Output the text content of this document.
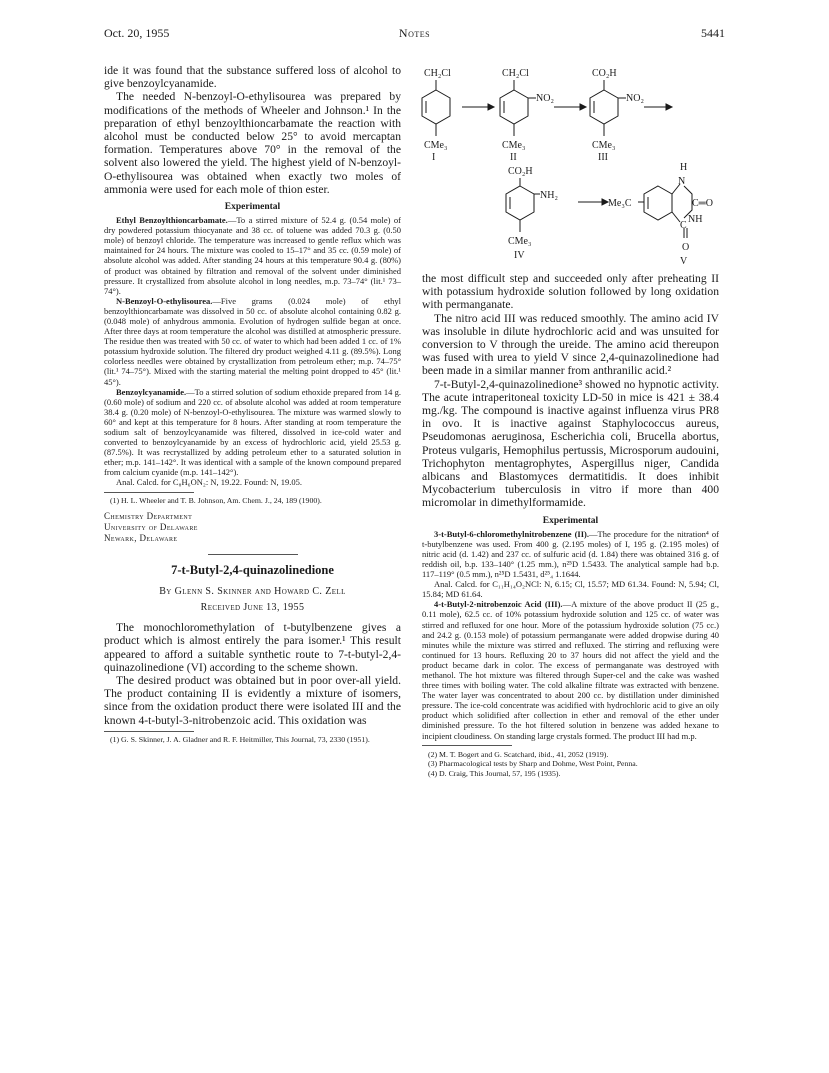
Oct. 20, 1955	Notes	5441

ide it was found that the substance suffered loss of alcohol to give benzoylcyanamide.

The needed N-benzoyl-O-ethylisourea was prepared by modifications of the methods of Wheeler and Johnson.¹ In the preparation of ethyl benzoylthioncarbamate the reaction with alcohol must be conducted below 25° to avoid mercaptan formation. Temperatures above 70° in the removal of the solvent also lowered the yield. The highest yield of N-benzoyl-O-ethylisourea was obtained when exactly two moles of ammonia were used for each mole of thion ester.

Experimental

Ethyl Benzoylthioncarbamate.—To a stirred mixture of 52.4 g. (0.54 mole) of dry powdered potassium thiocyanate and 38 cc. of toluene was added 70.3 g. (0.50 mole) of benzoyl chloride. The temperature was increased to gentle reflux which was maintained for 24 hours. The mixture was cooled to 15–17° and 35 cc. (0.59 mole) of absolute alcohol was added. After standing 24 hours at this temperature 90.4 g. (80%) of product was obtained by filtration and removal of the solvent under diminished pressure. It crystallized from absolute alcohol in long needles, m.p. 73–74° (lit.¹ 73–74°).

N-Benzoyl-O-ethylisourea.—Five grams (0.024 mole) of ethyl benzoylthioncarbamate was dissolved in 50 cc. of absolute alcohol containing 0.82 g. (0.048 mole) of anhydrous ammonia. Evolution of hydrogen sulfide began at once. After three days at room temperature the alcohol was distilled at atmospheric pressure. The residue then was treated with 50 cc. of water to which had been added 1 cc. of 1% potassium hydroxide solution. The filtered dry product weighed 4.11 g. (89.5%). Long colorless needles were obtained by crystallization from petroleum ether; m.p. 74–75° (lit.¹ 74–75°). Mixed with the starting material the melting point dropped to 45° (lit.¹ 45°).

Benzoylcyanamide.—To a stirred solution of sodium ethoxide prepared from 14 g. (0.60 mole) of sodium and 220 cc. of absolute alcohol was added at room temperature 38.4 g. (0.20 mole) of N-benzoyl-O-ethylisourea. The mixture was warmed slowly to 60° and kept at this temperature for 8 hours. After standing at room temperature the sodium salt of benzoylcyanamide was filtered, dissolved in ice-cold water and converted to benzoylcyanamide by an excess of hydrochloric acid, yield 25.53 g. (87.5%). It was recrystallized by adding petroleum ether to a saturated solution in ether; m.p. 141–142°. It was identical with a sample of the known compound prepared from calcium cyanide (m.p. 141–142°).

Anal. Calcd. for C₈H₆ON₂: N, 19.22. Found: N, 19.05.

(1) H. L. Wheeler and T. B. Johnson, Am. Chem. J., 24, 189 (1900).

Chemistry Department
University of Delaware
Newark, Delaware
7-t-Butyl-2,4-quinazolinedione
By Glenn S. Skinner and Howard C. Zell
Received June 13, 1955

The monochloromethylation of t-butylbenzene gives a product which is almost entirely the para isomer.¹ This result appeared to afford a suitable synthetic route to 7-t-butyl-2,4-quinazolinedione (VI) according to the scheme shown.

The desired product was obtained but in poor over-all yield. The product containing II is evidently a mixture of isomers, since from the oxidation product there were isolated III and the known 4-t-butyl-3-nitrobenzoic acid. This oxidation was

(1) G. S. Skinner, J. A. Gladner and R. F. Heitmiller, This Journal, 73, 2330 (1951).

CH₂Cl
CMe₃
I
CH₂Cl
NO₂
CMe₃
II
CO₂H
NO₂
CMe₃
III
CO₂H
NH₂
CMe₃
IV
Me₃C
H
N
C═O
NH
C
O
V

the most difficult step and succeeded only after preheating II with potassium hydroxide solution followed by long oxidation with permanganate.

The nitro acid III was reduced smoothly. The amino acid IV was insoluble in dilute hydrochloric acid and was unsuited for conversion to V through the ureide. The amino acid thereupon was fused with urea to yield V since 2,4-quinazolinedione had been made in a similar manner from anthranilic acid.²

7-t-Butyl-2,4-quinazolinedione³ showed no hypnotic activity. The acute intraperitoneal toxicity LD-50 in mice is 421 ± 38.4 mg./kg. The compound is inactive against influenza virus PR8 in ovo. It is inactive against Staphylococcus aureus, Pseudomonas aeruginosa, Escherichia coli, Brucella abortus, Proteus vulgaris, Hemophilus pertussis, Microsporum audouini, Trichophyton mentagrophytes, Aspergillus niger, Candida albicans and Blastomyces dermatitidis. It does inhibit Mycobacterium tuberculosis in vitro if more than 400 micromolar in dimethylformamide.

Experimental

3-t-Butyl-6-chloromethylnitrobenzene (II).—The procedure for the nitration⁴ of t-butylbenzene was used. From 400 g. (2.195 moles) of I, 195 g. (2.195 moles) of nitric acid (d. 1.42) and 237 cc. of sulfuric acid (d. 1.84) there was obtained 316 g. of reddish oil, b.p. 133–140° (1.25 mm.), n²⁵D 1.5433. The analytical sample had b.p. 117–119° (0.5 mm.), n²⁵D 1.5431, d²⁵₄ 1.1644.

Anal. Calcd. for C₁₁H₁₄O₂NCl: N, 6.15; Cl, 15.57; MD 61.34. Found: N, 5.94; Cl, 15.84; MD 61.64.

4-t-Butyl-2-nitrobenzoic Acid (III).—A mixture of the above product II (25 g., 0.11 mole), 62.5 cc. of 10% potassium hydroxide solution and 125 cc. of water was stirred and refluxed for one hour. More of the potassium hydroxide solution (75 cc.) and 24.2 g. (0.153 mole) of potassium permanganate were added dropwise during 40 minutes while the mixture was stirred and refluxed. The stirring and refluxing were continued for 13 hours. Refluxing 20 to 37 hours did not affect the yield and the product became dark in color. The excess of permanganate was destroyed with methanol. The hot mixture was filtered through Super-cel and the cake was washed three times with boiling water. The cold alkaline filtrate was extracted with benzene. The water layer was concentrated to about 200 cc. by distillation under diminished pressure. The ice-cold concentrate was acidified with hydrochloric acid to give an oily product which solidified after collection in ether and removal of the ether under diminished pressure. To the hot filtered solution in benzene was added hexane to incipient cloudiness. On standing large crystals formed. The product III had m.p.

(2) M. T. Bogert and G. Scatchard, ibid., 41, 2052 (1919).

(3) Pharmacological tests by Sharp and Dohme, West Point, Penna.

(4) D. Craig, This Journal, 57, 195 (1935).
